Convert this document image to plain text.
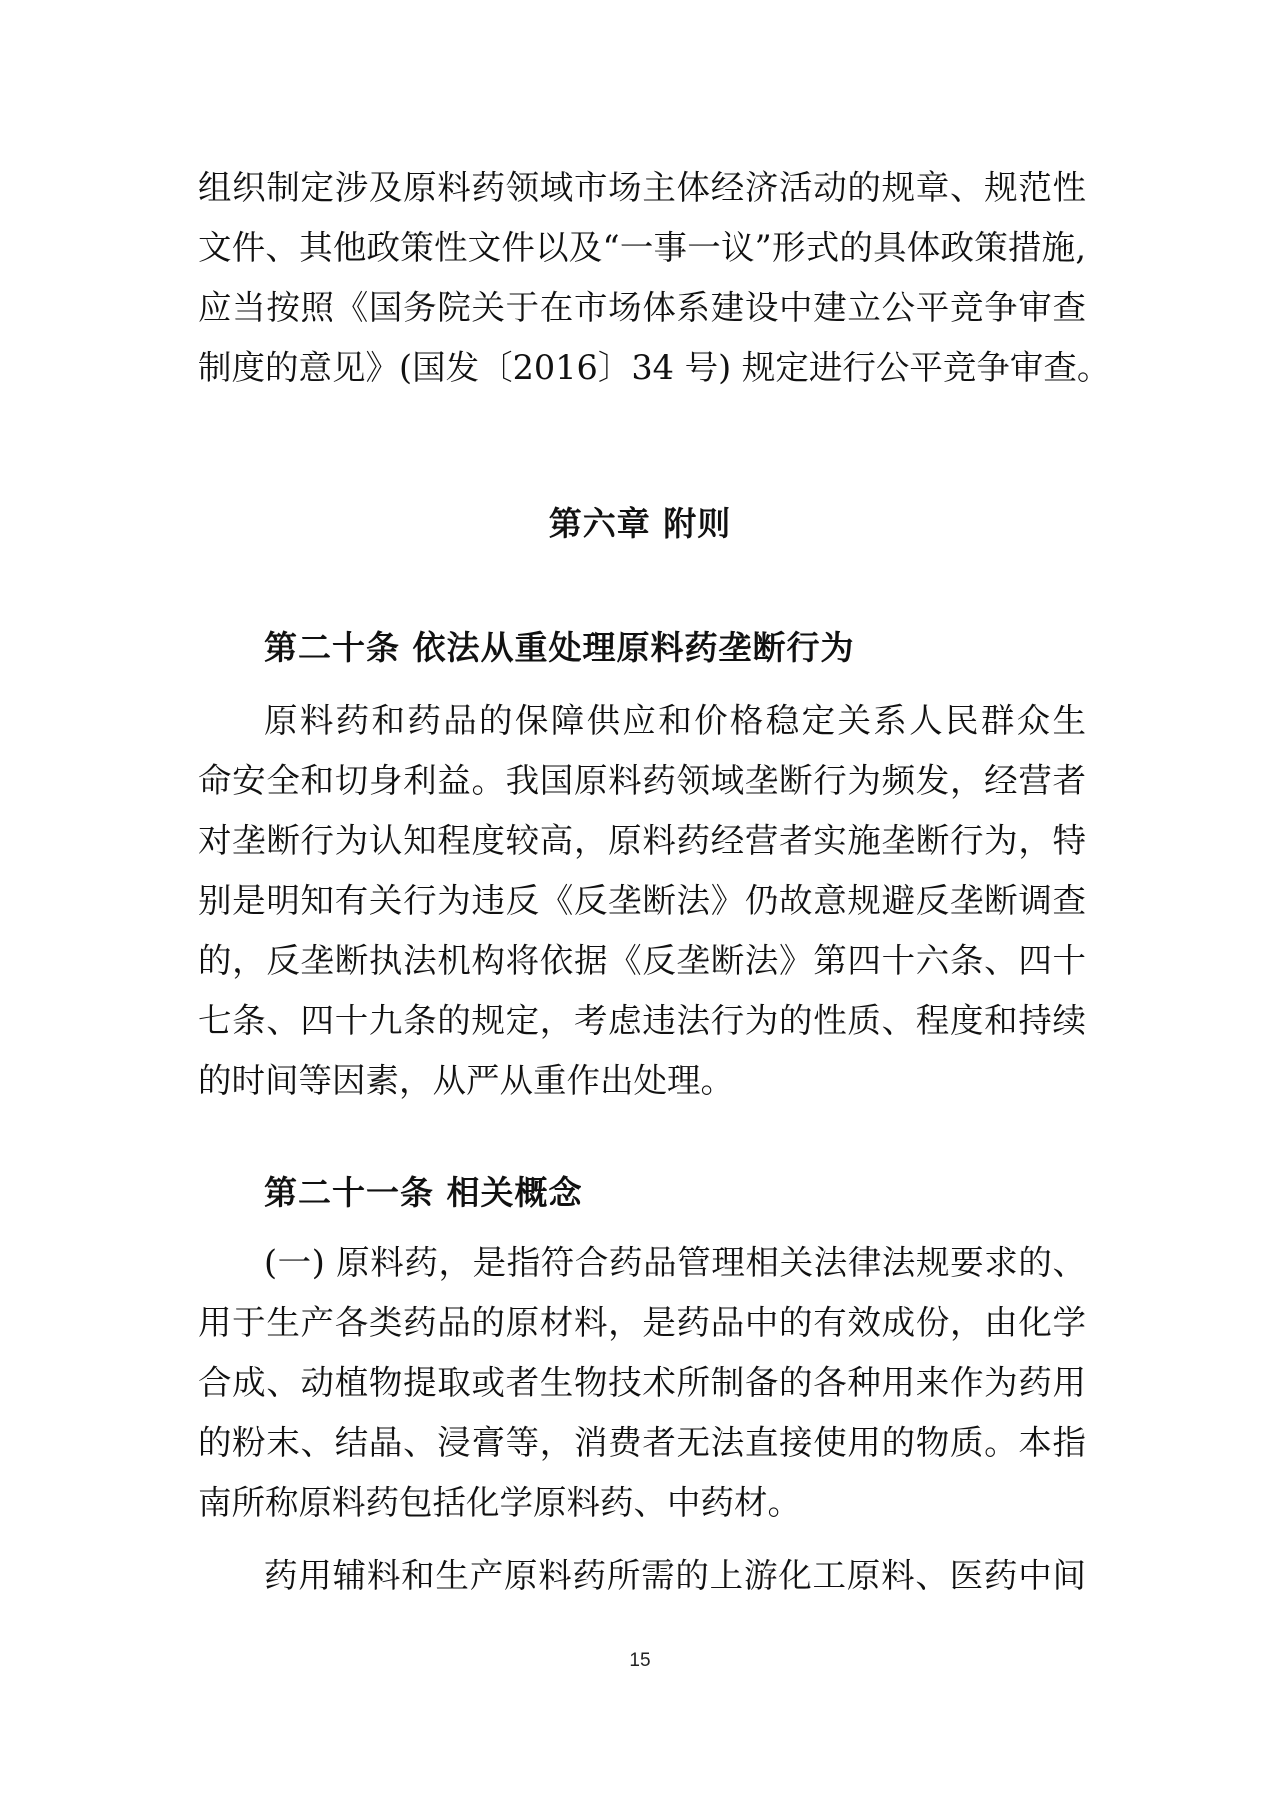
组织制定涉及原料药领域市场主体经济活动的规章、规范性

文件、其他政策性文件以及“一事一议”形式的具体政策措施,

应当按照《国务院关于在市场体系建设中建立公平竞争审查

制度的意见》(国发〔2016〕34 号) 规定进行公平竞争审查。

第六章 附则
第二十条 依法从重处理原料药垄断行为

原料药和药品的保障供应和价格稳定关系人民群众生

命安全和切身利益。我国原料药领域垄断行为频发，经营者

对垄断行为认知程度较高，原料药经营者实施垄断行为，特

别是明知有关行为违反《反垄断法》仍故意规避反垄断调查

的，反垄断执法机构将依据《反垄断法》第四十六条、四十

七条、四十九条的规定，考虑违法行为的性质、程度和持续

的时间等因素，从严从重作出处理。

第二十一条 相关概念

(一) 原料药，是指符合药品管理相关法律法规要求的、

用于生产各类药品的原材料，是药品中的有效成份，由化学

合成、动植物提取或者生物技术所制备的各种用来作为药用

的粉末、结晶、浸膏等，消费者无法直接使用的物质。本指

南所称原料药包括化学原料药、中药材。

药用辅料和生产原料药所需的上游化工原料、医药中间

15
